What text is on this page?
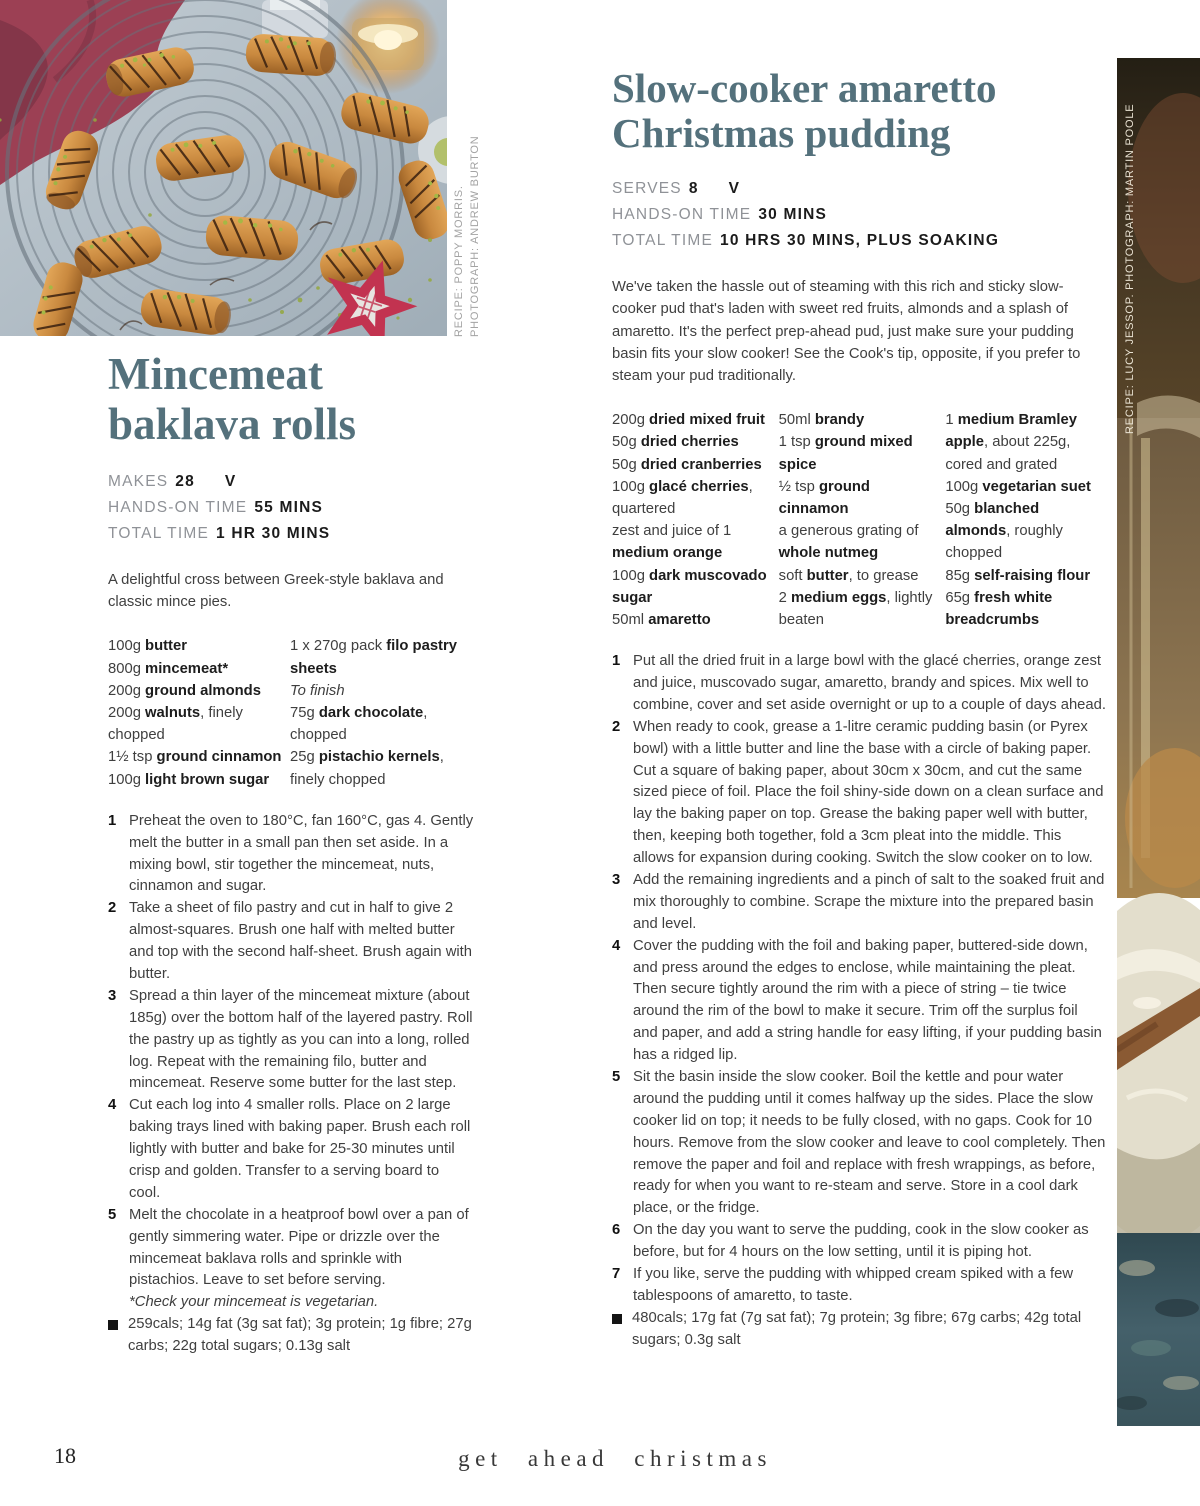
RECIPE: POPPY MORRIS. PHOTOGRAPH: ANDREW BURTON	RECIPE: LUCY JESSOP. PHOTOGRAPH: MARTIN POOLE
Mincemeat
baklava rolls
MAKES 28 V
HANDS-ON TIME 55 MINS
TOTAL TIME 1 HR 30 MINS

A delightful cross between Greek-style baklava and classic mince pies.

100g butter
800g mincemeat*
200g ground almonds
200g walnuts, finely chopped
1½ tsp ground cinnamon
100g light brown sugar
1 x 270g pack filo pastry sheets
To finish
75g dark chocolate, chopped
25g pistachio kernels, finely chopped
1 Preheat the oven to 180°C, fan 160°C, gas 4. Gently melt the butter in a small pan then set aside. In a mixing bowl, stir together the mincemeat, nuts, cinnamon and sugar.
2 Take a sheet of filo pastry and cut in half to give 2 almost-squares. Brush one half with melted butter and top with the second half-sheet. Brush again with butter.
3 Spread a thin layer of the mincemeat mixture (about 185g) over the bottom half of the layered pastry. Roll the pastry up as tightly as you can into a long, rolled log. Repeat with the remaining filo, butter and mincemeat. Reserve some butter for the last step.
4 Cut each log into 4 smaller rolls. Place on 2 large baking trays lined with baking paper. Brush each roll lightly with butter and bake for 25-30 minutes until crisp and golden. Transfer to a serving board to cool.
5 Melt the chocolate in a heatproof bowl over a pan of gently simmering water. Pipe or drizzle over the mincemeat baklava rolls and sprinkle with pistachios. Leave to set before serving.
*Check your mincemeat is vegetarian.
259cals; 14g fat (3g sat fat); 3g protein; 1g fibre; 27g carbs; 22g total sugars; 0.13g salt
Slow-cooker amaretto
Christmas pudding
SERVES 8 V
HANDS-ON TIME 30 MINS
TOTAL TIME 10 HRS 30 MINS, PLUS SOAKING

We've taken the hassle out of steaming with this rich and sticky slow-cooker pud that's laden with sweet red fruits, almonds and a splash of amaretto. It's the perfect prep-ahead pud, just make sure your pudding basin fits your slow cooker! See the Cook's tip, opposite, if you prefer to steam your pud traditionally.

200g dried mixed fruit
50g dried cherries
50g dried cranberries
100g glacé cherries, quartered
zest and juice of 1 medium orange
100g dark muscovado sugar
50ml amaretto
50ml brandy
1 tsp ground mixed spice
½ tsp ground cinnamon
a generous grating of whole nutmeg
soft butter, to grease
2 medium eggs, lightly beaten
1 medium Bramley apple, about 225g, cored and grated
100g vegetarian suet
50g blanched almonds, roughly chopped
85g self-raising flour
65g fresh white breadcrumbs
1 Put all the dried fruit in a large bowl with the glacé cherries, orange zest and juice, muscovado sugar, amaretto, brandy and spices. Mix well to combine, cover and set aside overnight or up to a couple of days ahead.
2 When ready to cook, grease a 1-litre ceramic pudding basin (or Pyrex bowl) with a little butter and line the base with a circle of baking paper. Cut a square of baking paper, about 30cm x 30cm, and cut the same sized piece of foil. Place the foil shiny-side down on a clean surface and lay the baking paper on top. Grease the baking paper well with butter, then, keeping both together, fold a 3cm pleat into the middle. This allows for expansion during cooking. Switch the slow cooker on to low.
3 Add the remaining ingredients and a pinch of salt to the soaked fruit and mix thoroughly to combine. Scrape the mixture into the prepared basin and level.
4 Cover the pudding with the foil and baking paper, buttered-side down, and press around the edges to enclose, while maintaining the pleat. Then secure tightly around the rim with a piece of string – tie twice around the rim of the bowl to make it secure. Trim off the surplus foil and paper, and add a string handle for easy lifting, if your pudding basin has a ridged lip.
5 Sit the basin inside the slow cooker. Boil the kettle and pour water around the pudding until it comes halfway up the sides. Place the slow cooker lid on top; it needs to be fully closed, with no gaps. Cook for 10 hours. Remove from the slow cooker and leave to cool completely. Then remove the paper and foil and replace with fresh wrappings, as before, ready for when you want to re-steam and serve. Store in a cool dark place, or the fridge.
6 On the day you want to serve the pudding, cook in the slow cooker as before, but for 4 hours on the low setting, until it is piping hot.
7 If you like, serve the pudding with whipped cream spiked with a few tablespoons of amaretto, to taste.
480cals; 17g fat (7g sat fat); 7g protein; 3g fibre; 67g carbs; 42g total sugars; 0.3g salt
18	get ahead christmas
